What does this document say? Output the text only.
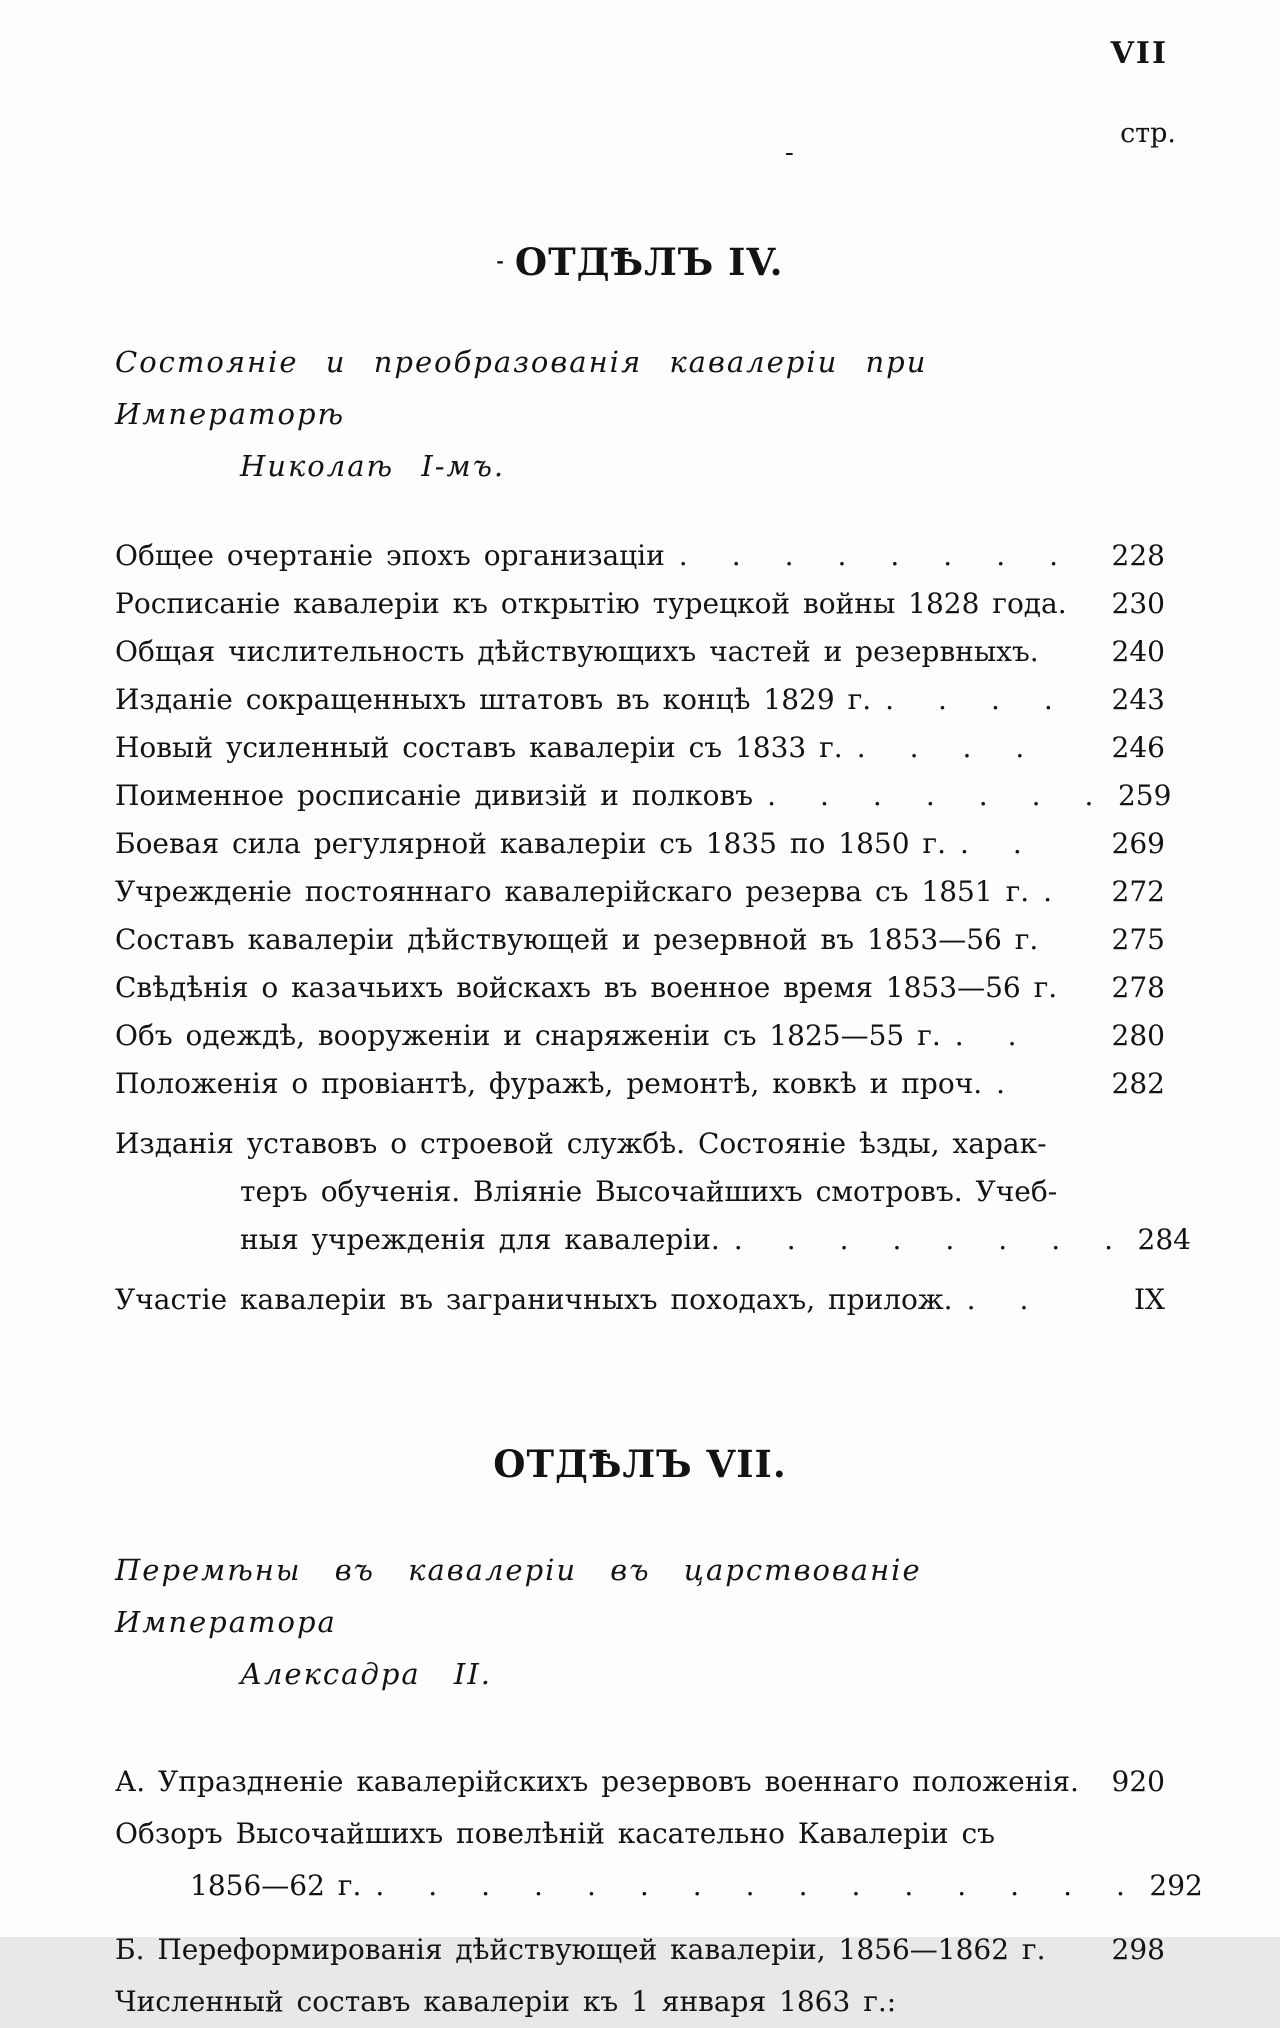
VII
стр.
-
- ОТДѢЛЪ IV.
Состояніе и преобразованія кавалеріи при Императорѣ
Николаѣ I-мъ.
Общее очертаніе эпохъ организаціи . . . . . . . .	228
Росписаніе кавалеріи къ открытію турецкой войны 1828 года.	230
Общая числительность дѣйствующихъ частей и резервныхъ.	240
Изданіе сокращенныхъ штатовъ въ концѣ 1829 г. . . . .	243
Новый усиленный составъ кавалеріи съ 1833 г. . . . .	246
Поименное росписаніе дивизій и полковъ . . . . . . . 259
Боевая сила регулярной кавалеріи съ 1835 по 1850 г. . .	269
Учрежденіе постояннаго кавалерійскаго резерва съ 1851 г. .	272
Составъ кавалеріи дѣйствующей и резервной въ 1853—56 г.	275
Свѣдѣнія о казачьихъ войскахъ въ военное время 1853—56 г.	278
Объ одеждѣ, вооруженіи и снаряженіи съ 1825—55 г. . .	280
Положенія о провіантѣ, фуражѣ, ремонтѣ, ковкѣ и проч. .	282
Изданія уставовъ о строевой службѣ. Состояніе ѣзды, харак-
теръ обученія. Вліяніе Высочайшихъ смотровъ. Учеб-
ныя учрежденія для кавалеріи. . . . . . . . . 284
Участіе кавалеріи въ заграничныхъ походахъ, прилож. . .	IX
ОТДѢЛЪ VII.
Перемѣны въ кавалеріи въ царствованіе Императора
Алексадра II.
А. Упраздненіе кавалерійскихъ резервовъ военнаго положенія.	920
Обзоръ Высочайшихъ повелѣній касательно Кавалеріи съ
1856—62 г. . . . . . . . . . . . . . . . 292
Б. Переформированія дѣйствующей кавалеріи, 1856—1862 г.	298
Численный составъ кавалеріи къ 1 января 1863 г.:
